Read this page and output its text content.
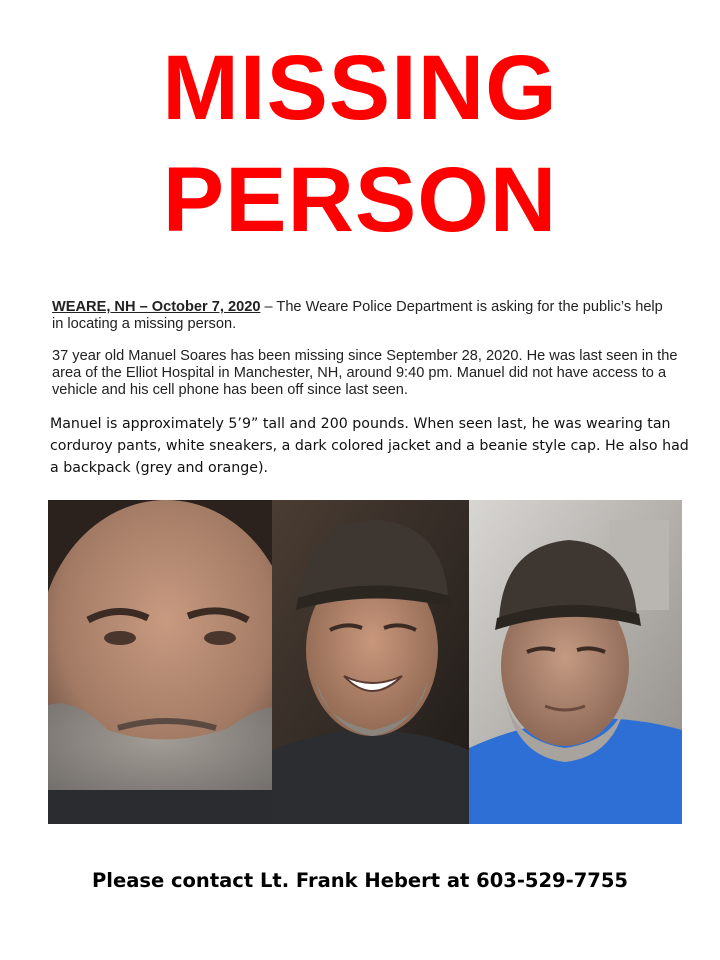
MISSING
PERSON
WEARE, NH – October 7, 2020 – The Weare Police Department is asking for the public’s help in locating a missing person.
37 year old Manuel Soares has been missing since September 28, 2020. He was last seen in the area of the Elliot Hospital in Manchester, NH, around 9:40 pm. Manuel did not have access to a vehicle and his cell phone has been off since last seen.
Manuel is approximately 5’9” tall and 200 pounds. When seen last, he was wearing tan corduroy pants, white sneakers, a dark colored jacket and a beanie style cap. He also had a backpack (grey and orange).
Please contact Lt. Frank Hebert at 603-529-7755
